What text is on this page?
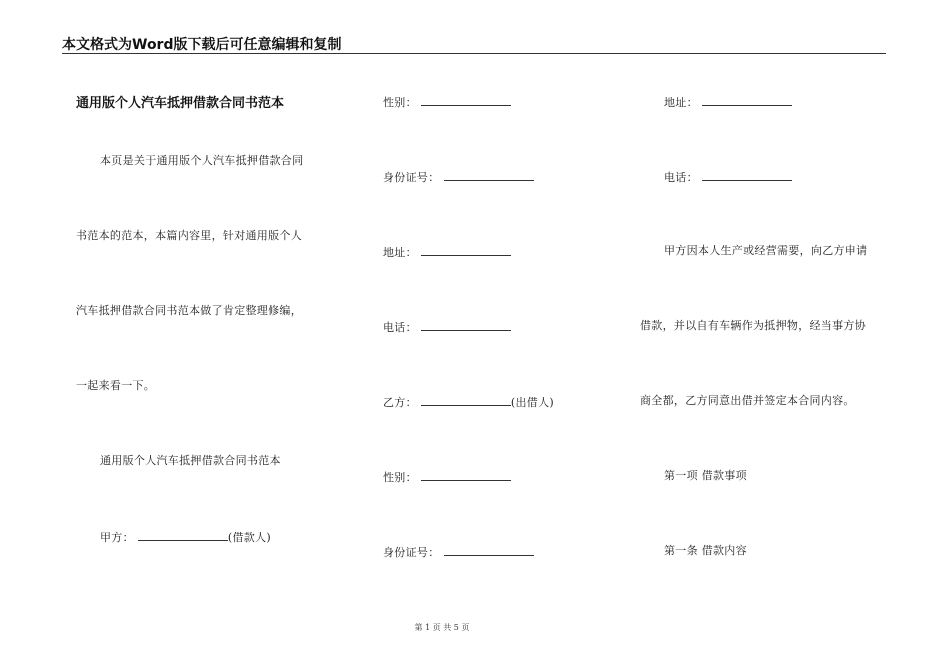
本文格式为Word版下载后可任意编辑和复制
通用版个人汽车抵押借款合同书范本
本页是关于通用版个人汽车抵押借款合同
书范本的范本，本篇内容里，针对通用版个人
汽车抵押借款合同书范本做了肯定整理修编，
一起来看一下。
通用版个人汽车抵押借款合同书范本
甲方：	(借款人)
性别：
身份证号：
地址：
电话：
乙方：	(出借人)
性别：
身份证号：
地址：
电话：
甲方因本人生产或经营需要，向乙方申请
借款，并以自有车辆作为抵押物，经当事方协
商全都，乙方同意出借并签定本合同内容。
第一项 借款事项
第一条 借款内容
第 1 页 共 5 页
